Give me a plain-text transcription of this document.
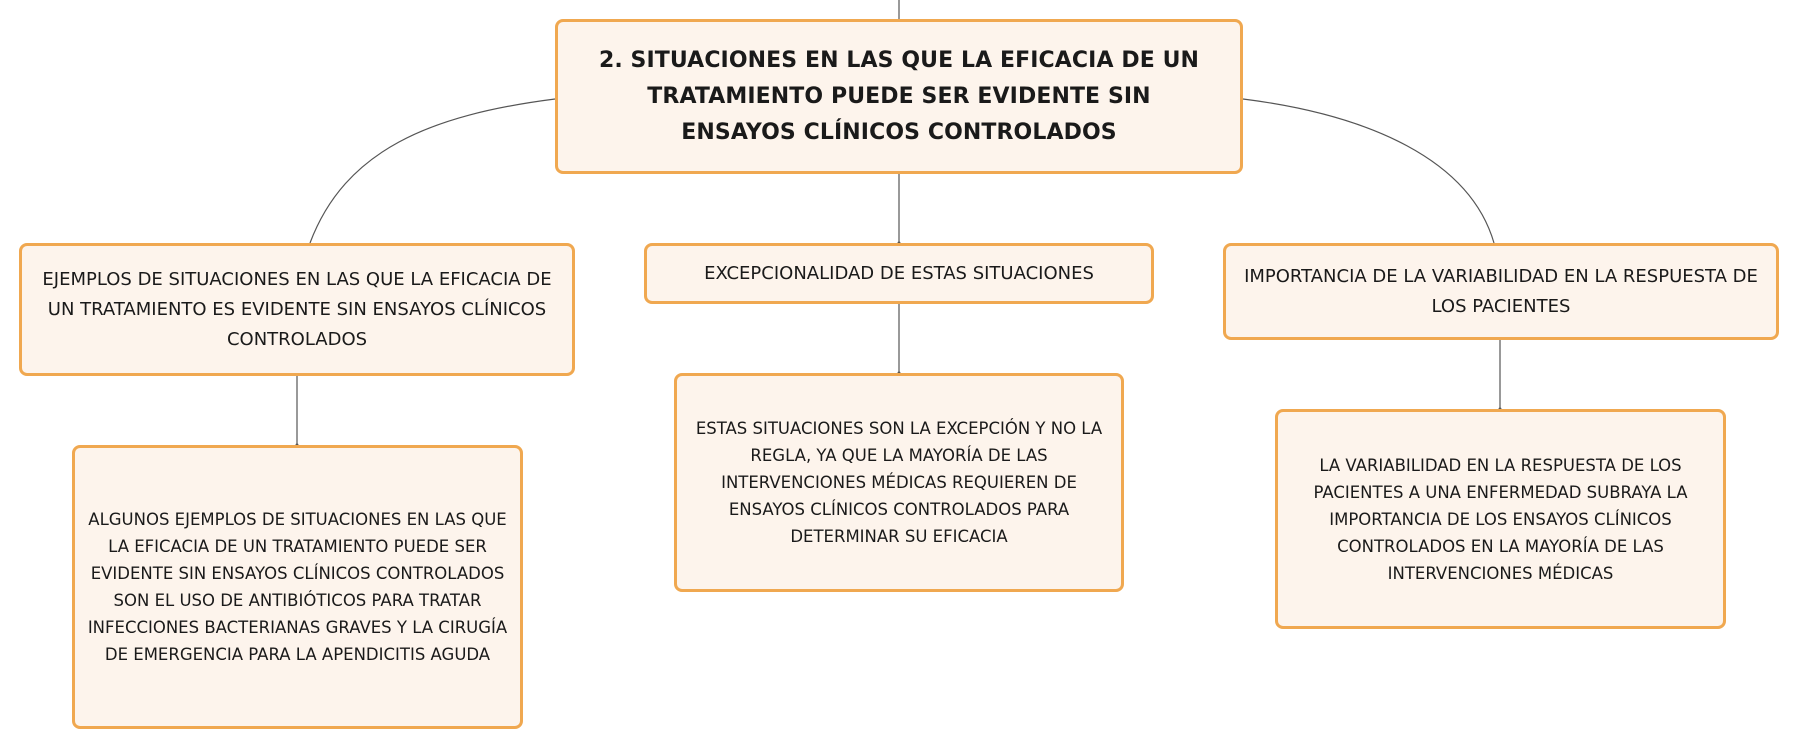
2. SITUACIONES EN LAS QUE LA EFICACIA DE UN TRATAMIENTO PUEDE SER EVIDENTE SIN ENSAYOS CLÍNICOS CONTROLADOS
EJEMPLOS DE SITUACIONES EN LAS QUE LA EFICACIA DE UN TRATAMIENTO ES EVIDENTE SIN ENSAYOS CLÍNICOS CONTROLADOS
EXCEPCIONALIDAD DE ESTAS SITUACIONES	IMPORTANCIA DE LA VARIABILIDAD EN LA RESPUESTA DE LOS PACIENTES
ALGUNOS EJEMPLOS DE SITUACIONES EN LAS QUE LA EFICACIA DE UN TRATAMIENTO PUEDE SER EVIDENTE SIN ENSAYOS CLÍNICOS CONTROLADOS SON EL USO DE ANTIBIÓTICOS PARA TRATAR INFECCIONES BACTERIANAS GRAVES Y LA CIRUGÍA DE EMERGENCIA PARA LA APENDICITIS AGUDA
ESTAS SITUACIONES SON LA EXCEPCIÓN Y NO LA REGLA, YA QUE LA MAYORÍA DE LAS INTERVENCIONES MÉDICAS REQUIEREN DE ENSAYOS CLÍNICOS CONTROLADOS PARA DETERMINAR SU EFICACIA
LA VARIABILIDAD EN LA RESPUESTA DE LOS PACIENTES A UNA ENFERMEDAD SUBRAYA LA IMPORTANCIA DE LOS ENSAYOS CLÍNICOS CONTROLADOS EN LA MAYORÍA DE LAS INTERVENCIONES MÉDICAS
